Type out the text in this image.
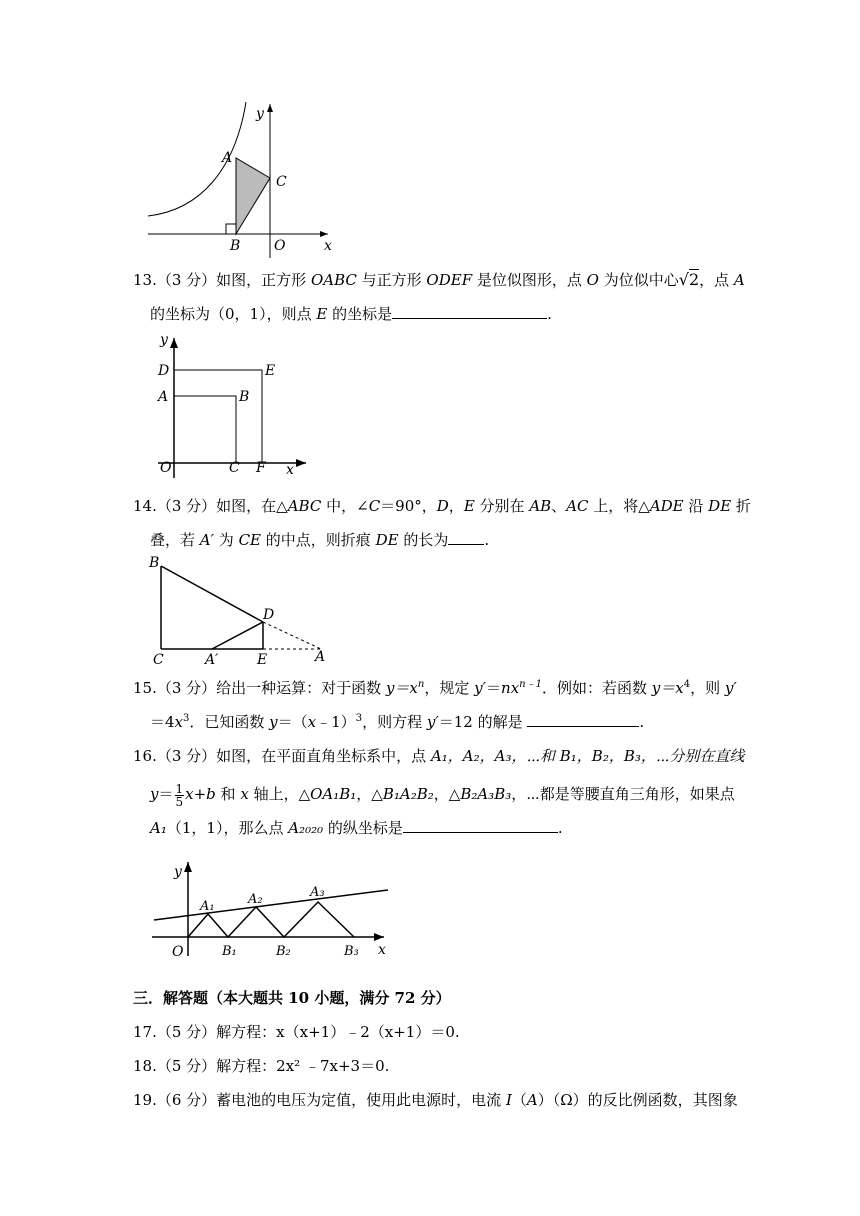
y
A
C
B O	x
13.（3 分）如图，正方形 OABC 与正方形 ODEF 是位似图形，点 O 为位似中心√2，点 A
的坐标为（0，1），则点 E 的坐标是	.
y
D	E
A	B
O	C F x
14.（3 分）如图，在△ABC 中，∠C＝90°，D，E 分别在 AB、AC 上，将△ADE 沿 DE 折
叠，若 A′ 为 CE 的中点，则折痕 DE 的长为 .
B
D
C	A′	E	A
15.（3 分）给出一种运算：对于函数 $y=x^n$，规定 $y'=nx^{n﹣1}$．例如：若函数 $y=x^4$，则 y′
$=4x^3$．已知函数 y＝（x﹣1）$^3$，则方程 y′＝12 的解是	.
16.（3 分）如图，在平面直角坐标系中，点 A₁，A₂，A₃，⋯和 B₁，B₂，B₃，⋯分别在直线
$y= \frac{1}{5} x+b$ 和 x 轴上，△OA₁B₁，△B₁A₂B₂，△B₂A₃B₃，⋯都是等腰直角三角形，如果点
A₁（1，1），那么点 A₂₀₂₀ 的纵坐标是	.
y
A₁	A₂	A₃
O	B₁	B₂	B₃ x
三．解答题（本大题共 10 小题，满分 72 分）
17.（5 分）解方程：x（x+1）﹣2（x+1）＝0.
18.（5 分）解方程：2x² ﹣7x+3＝0.
19.（6 分）蓄电池的电压为定值，使用此电源时，电流 I（A）（Ω）的反比例函数，其图象
